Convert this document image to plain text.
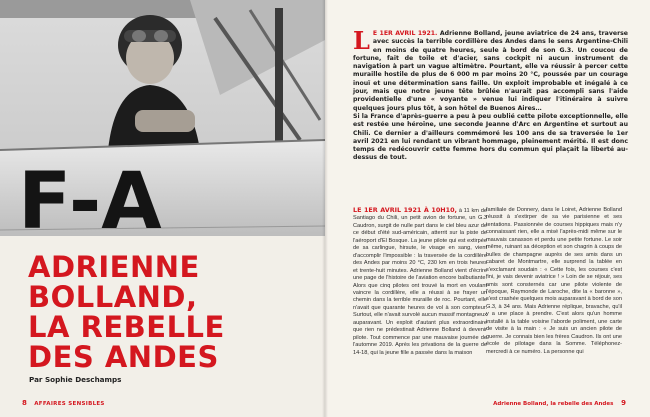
F-A
ADRIENNE
BOLLAND,
LA REBELLE
DES ANDES
Par Sophie Deschamps
8 AFFAIRES SENSIBLES

L E 1ER AVRIL 1921. Adrienne Bolland, jeune aviatrice de 24 ans, traverse avec succès la terrible cordillère des Andes dans le sens Argentine-Chili en moins de quatre heures, seule à bord de son G.3. Un coucou de fortune, fait de toile et d'acier, sans cockpit ni aucun instrument de navigation à part un vague altimètre. Pourtant, elle va réussir à percer cette muraille hostile de plus de 6 000 m par moins 20 °C, poussée par un courage inouï et une détermination sans faille. Un exploit improbable et inégalé à ce jour, mais que notre jeune tête brûlée n'aurait pas accompli sans l'aide providentielle d'une « voyante » venue lui indiquer l'itinéraire à suivre quelques jours plus tôt, à son hôtel de Buenos Aires…

Si la France d'après-guerre a peu à peu oublié cette pilote exceptionnelle, elle est restée une héroïne, une seconde Jeanne d'Arc en Argentine et surtout au Chili. Ce dernier a d'ailleurs commémoré les 100 ans de sa traversée le 1er avril 2021 en lui rendant un vibrant hommage, pleinement mérité. Il est donc temps de redécouvrir cette femme hors du commun qui plaçait la liberté au-dessus de tout.

LE 1ER AVRIL 1921 À 10H10, à 11 km de Santiago du Chili, un petit avion de fortune, un G.3 Caudron, surgit de nulle part dans le ciel bleu azur de ce début d'été sud-américain, atterrit sur la piste de l'aéroport d'El Bosque. La jeune pilote qui est extirpée de sa carlingue, hirsute, le visage en sang, vient d'accomplir l'impossible : la traversée de la cordillère des Andes par moins 20 °C, 230 km en trois heures et trente-huit minutes. Adrienne Bolland vient d'écrire une page de l'histoire de l'aviation encore balbutiante. Alors que cinq pilotes ont trouvé la mort en voulant vaincre la cordillère, elle a réussi à se frayer un chemin dans la terrible muraille de roc. Pourtant, elle n'avait que quarante heures de vol à son compteur. Surtout, elle n'avait survolé aucun massif montagneux auparavant. Un exploit d'autant plus extraordinaire que rien ne prédestinait Adrienne Bolland à devenir pilote. Tout commence par une mauvaise journée de l'automne 2019. Après les privations de la guerre de 14-18, qui la jeune fille a passée dans la maison

familiale de Donnery, dans le Loiret, Adrienne Bolland réussit à s'extirper de sa vie parisienne et ses tentations. Passionnée de courses hippiques mais n'y connaissant rien, elle a misé l'après-midi même sur le mauvais canasson et perdu une petite fortune. Le soir même, ruinant sa déception et son chagrin à coups de bulles de champagne auprès de ses amis dans un cabaret de Montmartre, elle surprend la tablée en s'exclamant soudain : « Cette fois, les courses c'est fini, je vais devenir aviatrice ! » Loin de se réjouir, ses amis sont consternés car une pilote violente de l'époque, Raymonde de Laroche, dite la « baronne », s'est crashée quelques mois auparavant à bord de son G.3, à 34 ans. Mais Adrienne réplique, bravache, qu'il y a une place à prendre. C'est alors qu'un homme installé à la table voisine l'aborde poliment, une carte de visite à la main : « Je suis un ancien pilote de guerre. Je connais bien les frères Caudron. Ils ont une école de pilotage dans la Somme. Téléphonez-mercredi à ce numéro. La personne qui

Adrienne Bolland, la rebelle des Andes 9
